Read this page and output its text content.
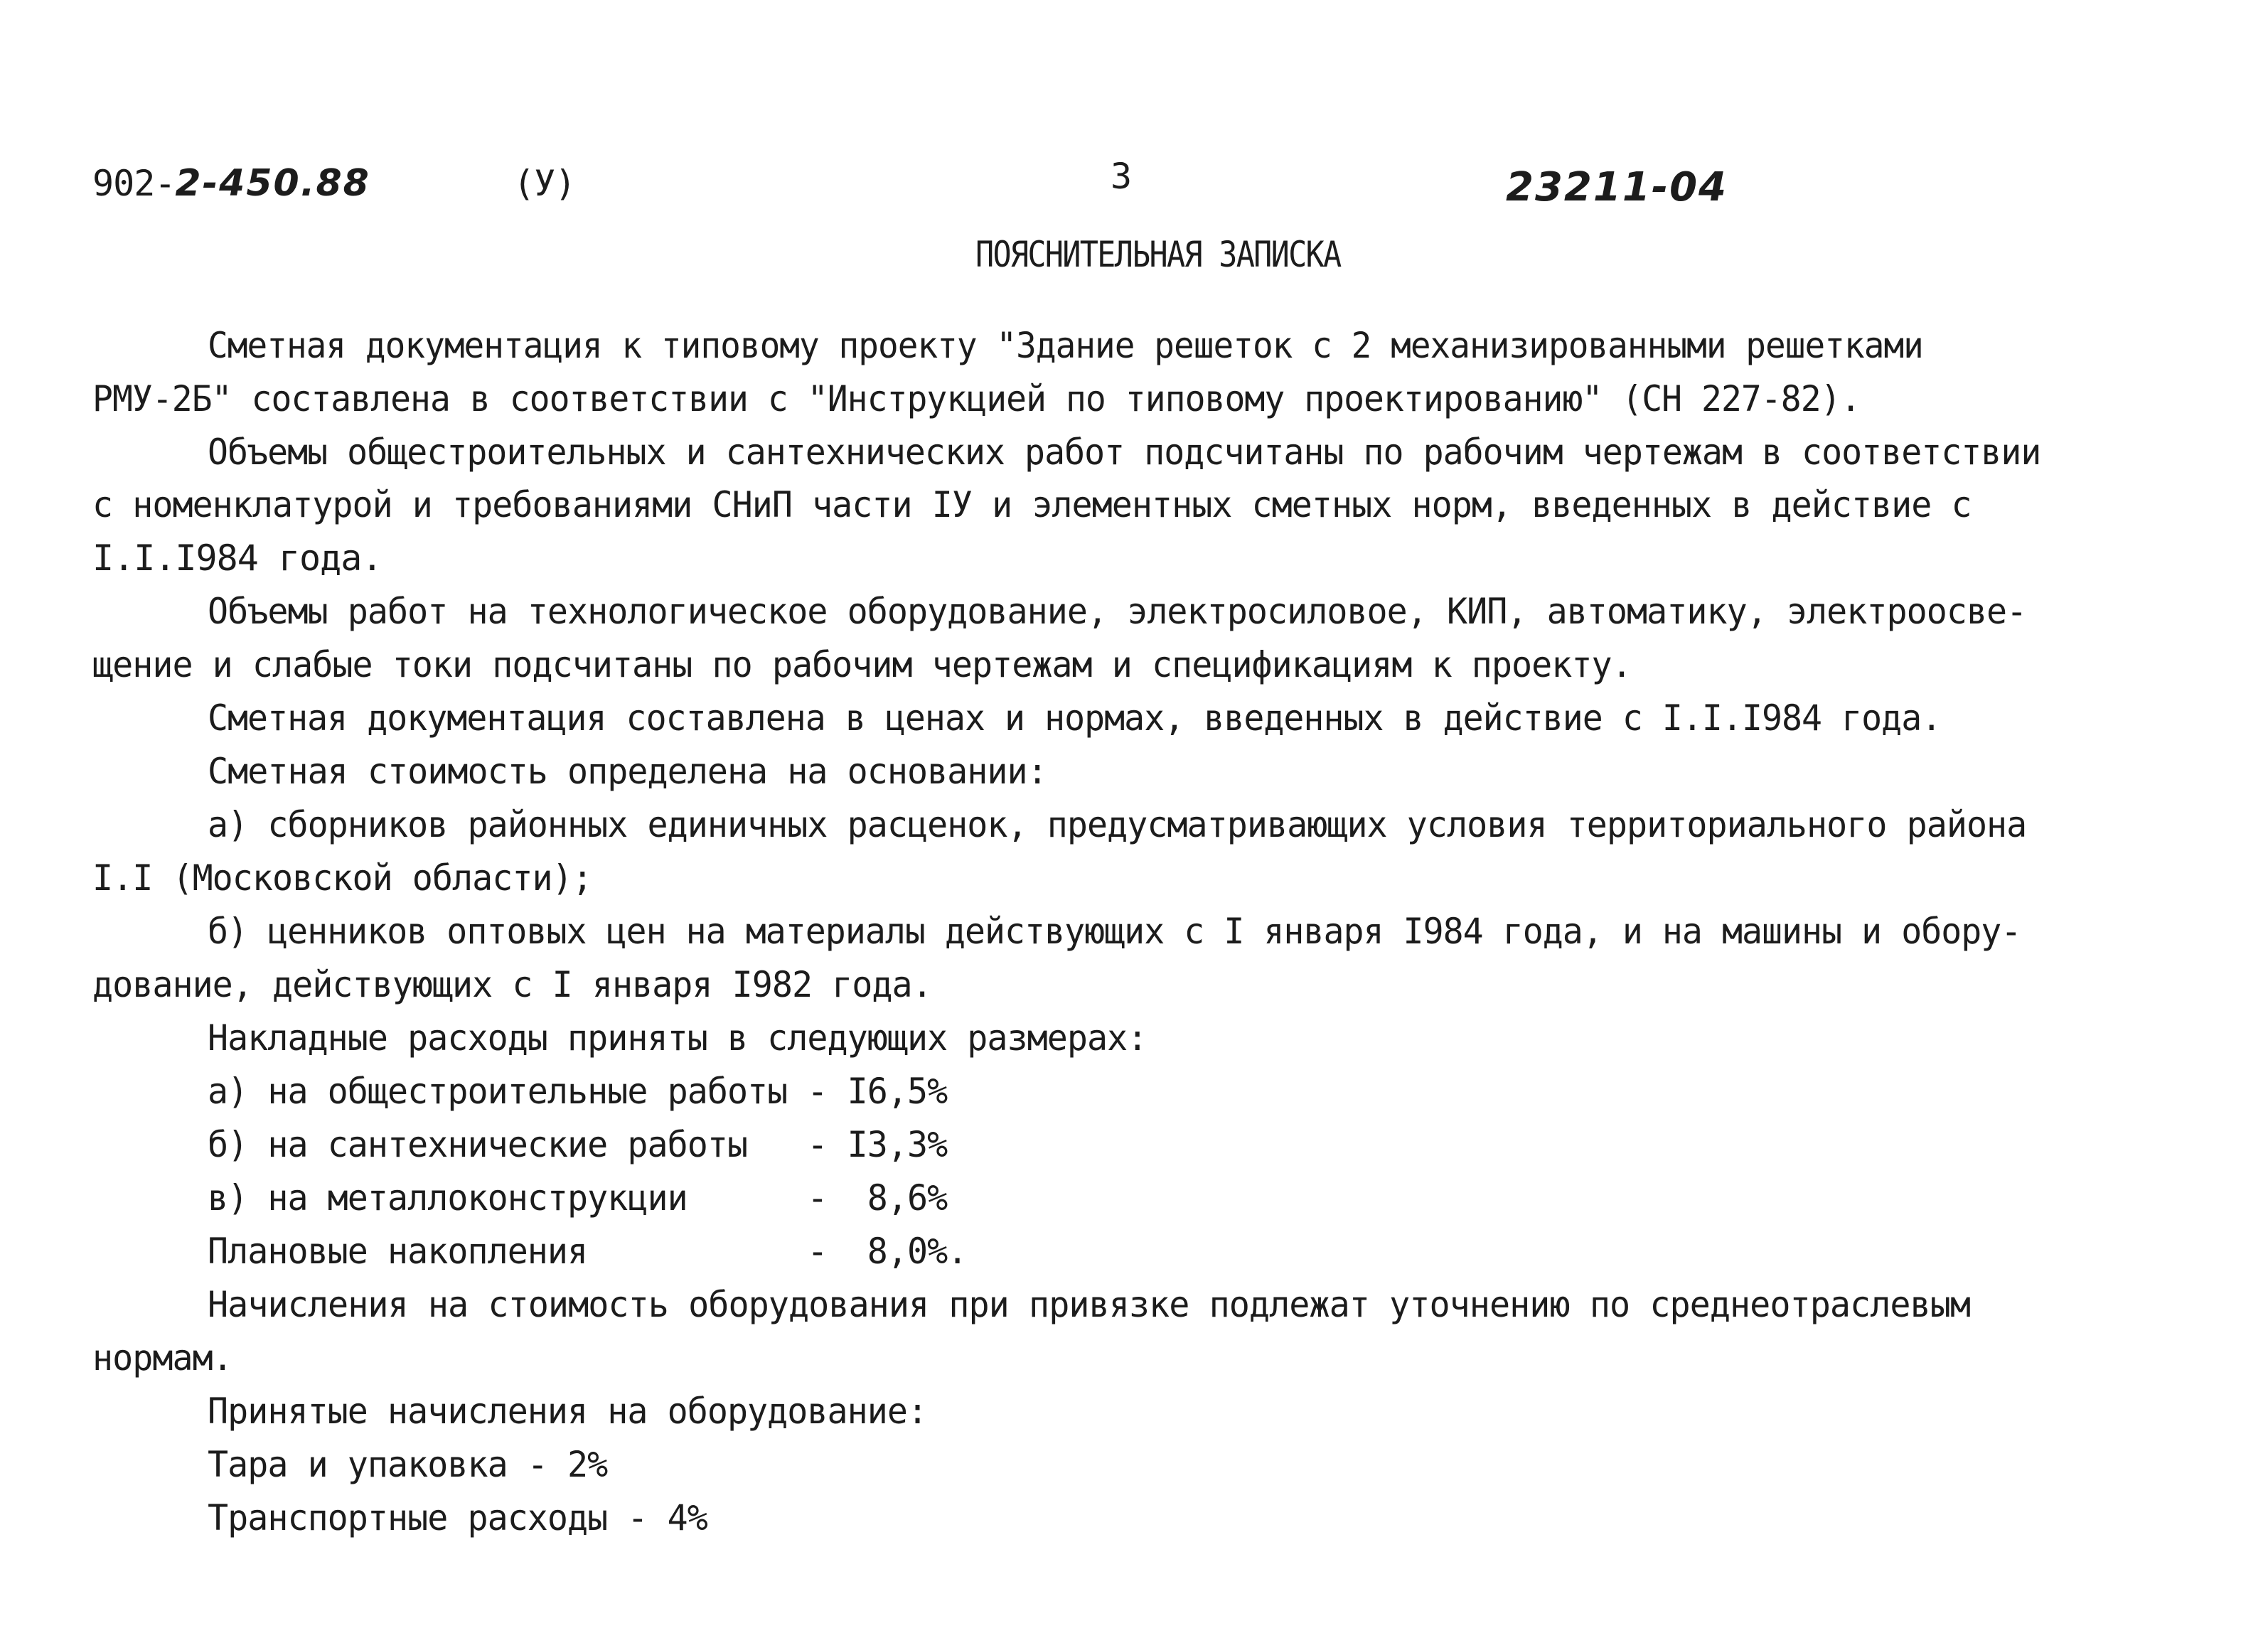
902-2-450.88	(У)	3	23211-04
ПОЯСНИТЕЛЬНАЯ ЗАПИСКА
Сметная документация к типовому проекту "Здание решеток с 2 механизированными решетками
РМУ-2Б" составлена в соответствии с "Инструкцией по типовому проектированию" (СН 227-82).
Объемы общестроительных и сантехнических работ подсчитаны по рабочим чертежам в соответствии
с номенклатурой и требованиями СНиП части IУ и элементных сметных норм, введенных в действие с
I.I.I984 года.
Объемы работ на технологическое оборудование, электросиловое, КИП, автоматику, электроосве-
щение и слабые токи подсчитаны по рабочим чертежам и спецификациям к проекту.
Сметная документация составлена в ценах и нормах, введенных в действие с I.I.I984 года.
Сметная стоимость определена на основании:
а) сборников районных единичных расценок, предусматривающих условия территориального района
I.I (Московской области);
б) ценников оптовых цен на материалы действующих с I января I984 года, и на машины и обору-
дование, действующих с I января I982 года.
Накладные расходы приняты в следующих размерах:
а) на общестроительные работы - I6,5%
б) на сантехнические работы   - I3,3%
в) на металлоконструкции      -  8,6%
Плановые накопления           -  8,0%.
Начисления на стоимость оборудования при привязке подлежат уточнению по среднеотраслевым
нормам.
Принятые начисления на оборудование:
Тара и упаковка - 2%
Транспортные расходы - 4%
